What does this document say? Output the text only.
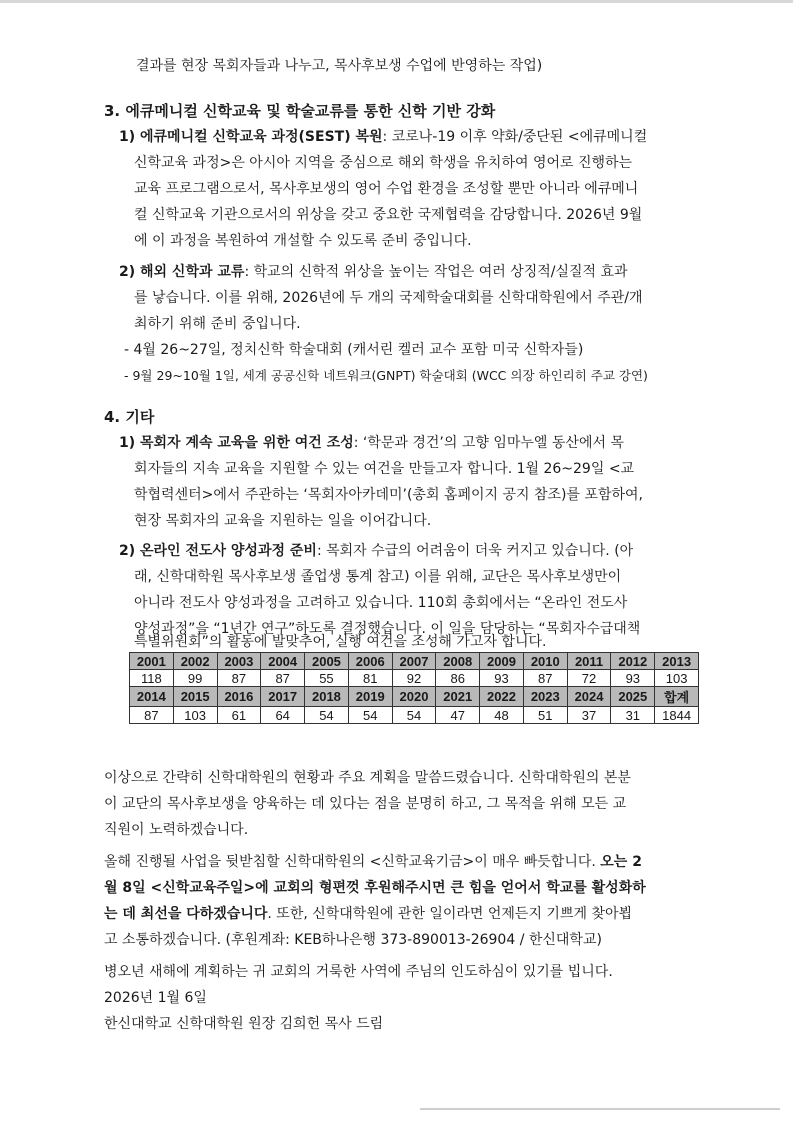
결과를 현장 목회자들과 나누고, 목사후보생 수업에 반영하는 작업)
3. 에큐메니컬 신학교육 및 학술교류를 통한 신학 기반 강화
1) 에큐메니컬 신학교육 과정(SEST) 복원: 코로나-19 이후 약화/중단된 <에큐메니컬
신학교육 과정>은 아시아 지역을 중심으로 해외 학생을 유치하여 영어로 진행하는
교육 프로그램으로서, 목사후보생의 영어 수업 환경을 조성할 뿐만 아니라 에큐메니
컬 신학교육 기관으로서의 위상을 갖고 중요한 국제협력을 감당합니다. 2026년 9월
에 이 과정을 복원하여 개설할 수 있도록 준비 중입니다.
2) 해외 신학과 교류: 학교의 신학적 위상을 높이는 작업은 여러 상징적/실질적 효과
를 낳습니다. 이를 위해, 2026년에 두 개의 국제학술대회를 신학대학원에서 주관/개
최하기 위해 준비 중입니다.
- 4월 26~27일, 정치신학 학술대회 (캐서린 켈러 교수 포함 미국 신학자들)
- 9월 29~10월 1일, 세계 공공신학 네트워크(GNPT) 학술대회 (WCC 의장 하인리히 주교 강연)
4. 기타
1) 목회자 계속 교육을 위한 여건 조성: ‘학문과 경건’의 고향 임마누엘 동산에서 목
회자들의 지속 교육을 지원할 수 있는 여건을 만들고자 합니다. 1월 26~29일 <교
학협력센터>에서 주관하는 ‘목회자아카데미’(총회 홈페이지 공지 참조)를 포함하여,
현장 목회자의 교육을 지원하는 일을 이어갑니다.
2) 온라인 전도사 양성과정 준비: 목회자 수급의 어려움이 더욱 커지고 있습니다. (아
래, 신학대학원 목사후보생 졸업생 통계 참고) 이를 위해, 교단은 목사후보생만이
아니라 전도사 양성과정을 고려하고 있습니다. 110회 총회에서는 “온라인 전도사
양성과정”을 “1년간 연구”하도록 결정했습니다. 이 일을 담당하는 “목회자수급대책
특별위원회”의 활동에 발맞추어, 실행 여건을 조성해 가고자 합니다.
2001	2002	2003	2004	2005	2006	2007	2008	2009	2010	2011	2012	2013
118	99	87	87	55	81	92	86	93	87	72	93	103
2014	2015	2016	2017	2018	2019	2020	2021	2022	2023	2024	2025	합계
87	103	61	64	54	54	54	47	48	51	37	31	1844
이상으로 간략히 신학대학원의 현황과 주요 계획을 말씀드렸습니다. 신학대학원의 본분
이 교단의 목사후보생을 양육하는 데 있다는 점을 분명히 하고, 그 목적을 위해 모든 교
직원이 노력하겠습니다.
올해 진행될 사업을 뒷받침할 신학대학원의 <신학교육기금>이 매우 빠듯합니다. 오는 2
월 8일 <신학교육주일>에 교회의 형편껏 후원해주시면 큰 힘을 얻어서 학교를 활성화하
는 데 최선을 다하겠습니다. 또한, 신학대학원에 관한 일이라면 언제든지 기쁘게 찾아뵙
고 소통하겠습니다. (후원계좌: KEB하나은행 373-890013-26904 / 한신대학교)
병오년 새해에 계획하는 귀 교회의 거룩한 사역에 주님의 인도하심이 있기를 빕니다.
2026년 1월 6일
한신대학교 신학대학원 원장 김희헌 목사 드림
